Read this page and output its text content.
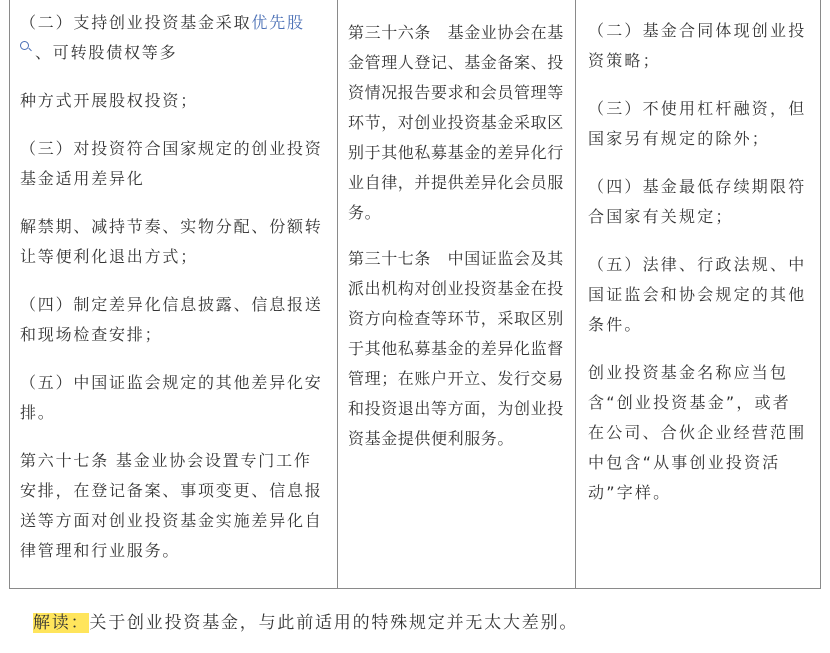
（二）支持创业投资基金采取优先股
、可转股债权等多

种方式开展股权投资；

（三）对投资符合国家规定的创业投资基金适用差异化

解禁期、减持节奏、实物分配、份额转让等便利化退出方式；

（四）制定差异化信息披露、信息报送和现场检查安排；

（五）中国证监会规定的其他差异化安排。

第六十七条 基金业协会设置专门工作安排，在登记备案、事项变更、信息报送等方面对创业投资基金实施差异化自律管理和行业服务。

第三十六条　基金业协会在基金管理人登记、基金备案、投资情况报告要求和会员管理等环节，对创业投资基金采取区别于其他私募基金的差异化行业自律，并提供差异化会员服务。

第三十七条　中国证监会及其派出机构对创业投资基金在投资方向检查等环节，采取区别于其他私募基金的差异化监督管理；在账户开立、发行交易和投资退出等方面，为创业投资基金提供便利服务。

（二）基金合同体现创业投资策略；

（三）不使用杠杆融资，但国家另有规定的除外；

（四）基金最低存续期限符合国家有关规定；

（五）法律、行政法规、中国证监会和协会规定的其他条件。

创业投资基金名称应当包含“创业投资基金”，或者在公司、合伙企业经营范围中包含“从事创业投资活动”字样。

解读：关于创业投资基金，与此前适用的特殊规定并无太大差别。
